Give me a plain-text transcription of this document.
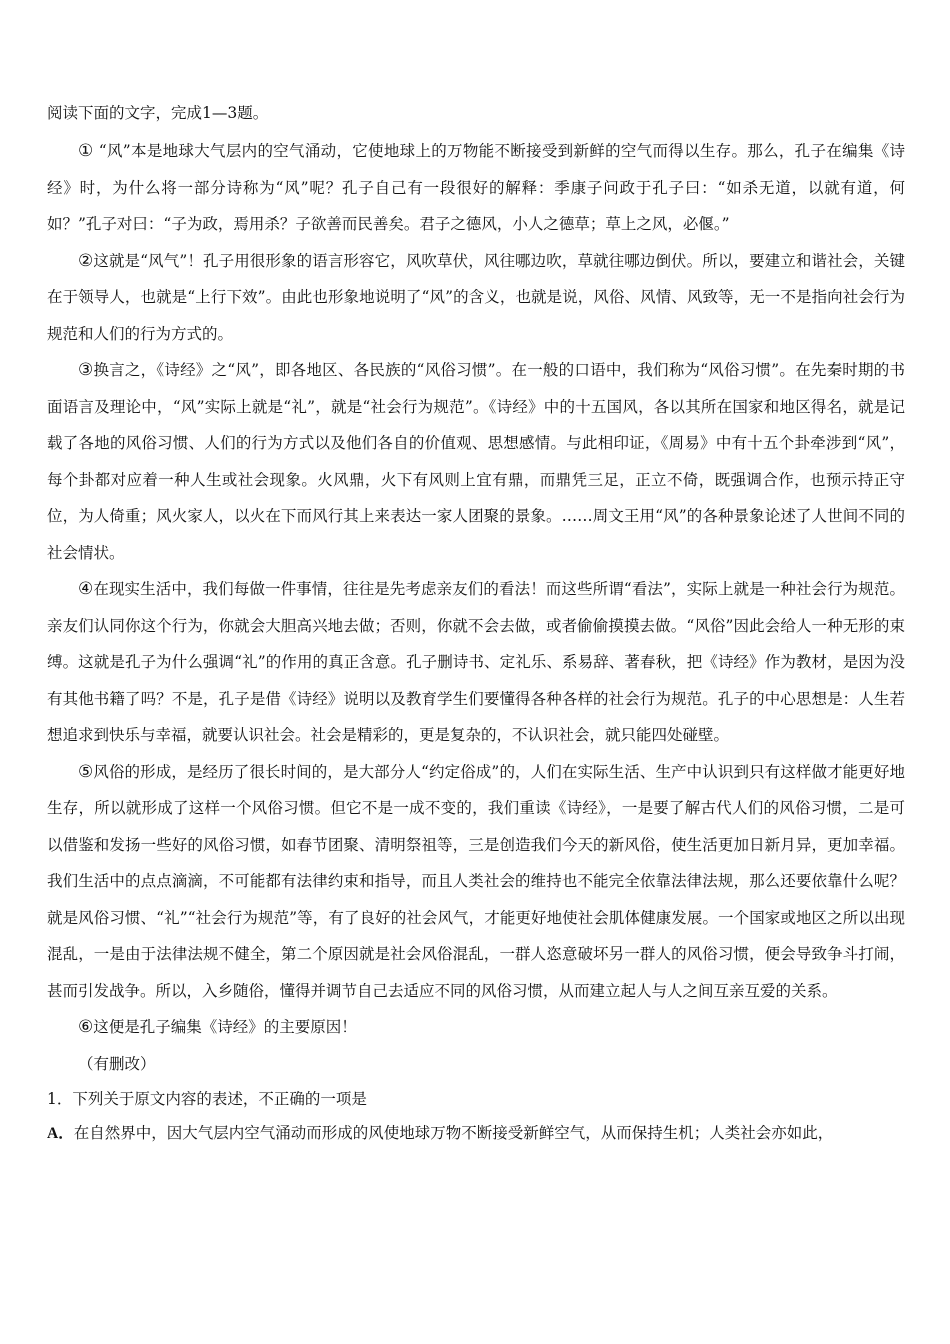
阅读下面的文字，完成1—3题。

① “风”本是地球大气层内的空气涌动，它使地球上的万物能不断接受到新鲜的空气而得以生存。那么，孔子在编集《诗经》时，为什么将一部分诗称为“风”呢？孔子自己有一段很好的解释：季康子问政于孔子曰：“如杀无道，以就有道，何如？”孔子对曰：“子为政，焉用杀？子欲善而民善矣。君子之德风，小人之德草；草上之风，必偃。”

②这就是“风气”！孔子用很形象的语言形容它，风吹草伏，风往哪边吹，草就往哪边倒伏。所以，要建立和谐社会，关键在于领导人，也就是“上行下效”。由此也形象地说明了“风”的含义，也就是说，风俗、风情、风致等，无一不是指向社会行为规范和人们的行为方式的。

③换言之，《诗经》之“风”，即各地区、各民族的“风俗习惯”。在一般的口语中，我们称为“风俗习惯”。在先秦时期的书面语言及理论中，“风”实际上就是“礼”，就是“社会行为规范”。《诗经》中的十五国风，各以其所在国家和地区得名，就是记载了各地的风俗习惯、人们的行为方式以及他们各自的价值观、思想感情。与此相印证，《周易》中有十五个卦牵涉到“风”，每个卦都对应着一种人生或社会现象。火风鼎，火下有风则上宜有鼎，而鼎凭三足，正立不倚，既强调合作，也预示持正守位，为人倚重；风火家人，以火在下而风行其上来表达一家人团聚的景象。……周文王用“风”的各种景象论述了人世间不同的社会情状。

④在现实生活中，我们每做一件事情，往往是先考虑亲友们的看法！而这些所谓“看法”，实际上就是一种社会行为规范。亲友们认同你这个行为，你就会大胆高兴地去做；否则，你就不会去做，或者偷偷摸摸去做。“风俗”因此会给人一种无形的束缚。这就是孔子为什么强调“礼”的作用的真正含意。孔子删诗书、定礼乐、系易辞、著春秋，把《诗经》作为教材，是因为没有其他书籍了吗？不是，孔子是借《诗经》说明以及教育学生们要懂得各种各样的社会行为规范。孔子的中心思想是：人生若想追求到快乐与幸福，就要认识社会。社会是精彩的，更是复杂的，不认识社会，就只能四处碰壁。

⑤风俗的形成，是经历了很长时间的，是大部分人“约定俗成”的，人们在实际生活、生产中认识到只有这样做才能更好地生存，所以就形成了这样一个风俗习惯。但它不是一成不变的，我们重读《诗经》，一是要了解古代人们的风俗习惯，二是可以借鉴和发扬一些好的风俗习惯，如春节团聚、清明祭祖等，三是创造我们今天的新风俗，使生活更加日新月异，更加幸福。我们生活中的点点滴滴，不可能都有法律约束和指导，而且人类社会的维持也不能完全依靠法律法规，那么还要依靠什么呢？就是风俗习惯、“礼”“社会行为规范”等，有了良好的社会风气，才能更好地使社会肌体健康发展。一个国家或地区之所以出现混乱，一是由于法律法规不健全，第二个原因就是社会风俗混乱，一群人恣意破坏另一群人的风俗习惯，便会导致争斗打闹，甚而引发战争。所以，入乡随俗，懂得并调节自己去适应不同的风俗习惯，从而建立起人与人之间互亲互爱的关系。

⑥这便是孔子编集《诗经》的主要原因！

（有删改）

1．下列关于原文内容的表述，不正确的一项是

A．在自然界中，因大气层内空气涌动而形成的风使地球万物不断接受新鲜空气，从而保持生机；人类社会亦如此，
